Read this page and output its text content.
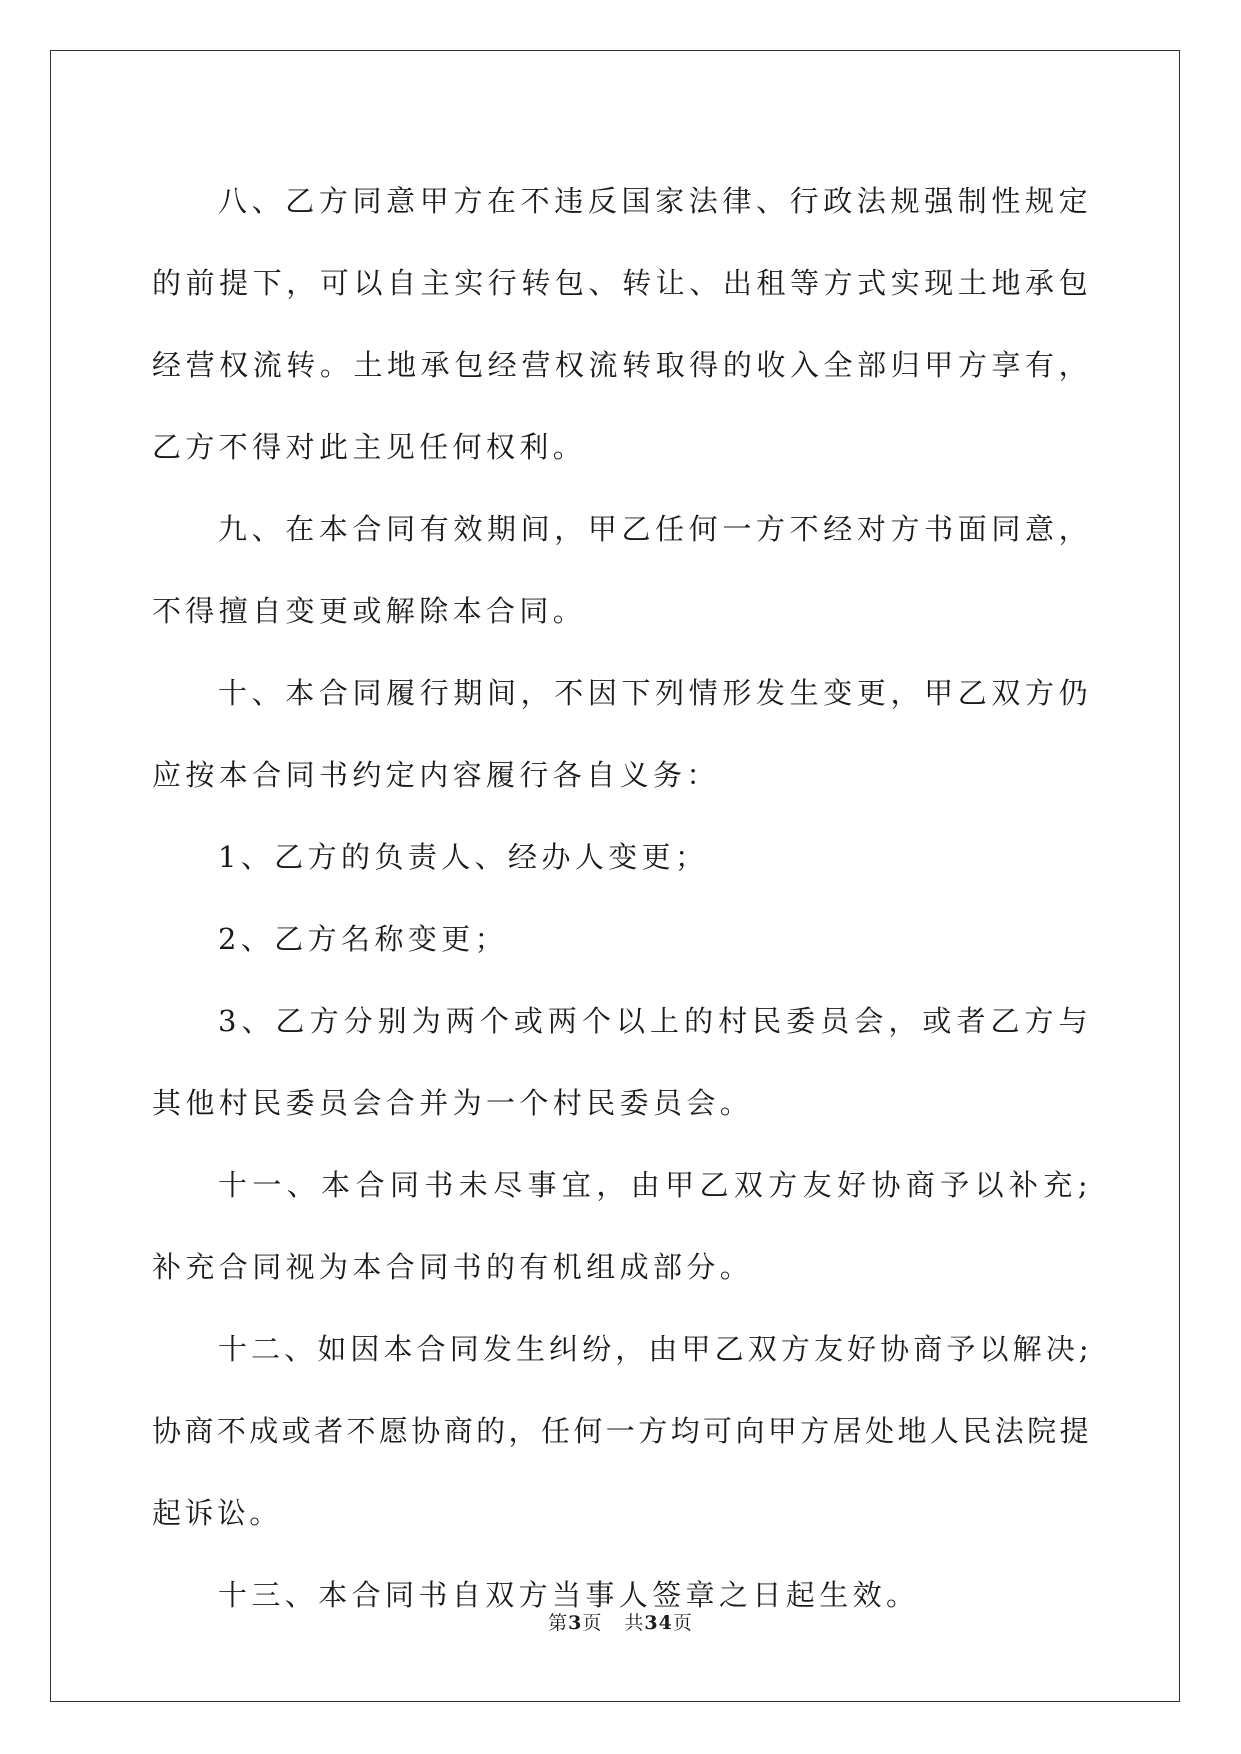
八、乙方同意甲方在不违反国家法律、行政法规强制性规定的前提下，可以自主实行转包、转让、出租等方式实现土地承包经营权流转。土地承包经营权流转取得的收入全部归甲方享有，乙方不得对此主见任何权利。

九、在本合同有效期间，甲乙任何一方不经对方书面同意，不得擅自变更或解除本合同。

十、本合同履行期间，不因下列情形发生变更，甲乙双方仍应按本合同书约定内容履行各自义务：

1、乙方的负责人、经办人变更；

2、乙方名称变更；

3、乙方分别为两个或两个以上的村民委员会，或者乙方与其他村民委员会合并为一个村民委员会。

十一、本合同书未尽事宜，由甲乙双方友好协商予以补充;补充合同视为本合同书的有机组成部分。

十二、如因本合同发生纠纷，由甲乙双方友好协商予以解决;协商不成或者不愿协商的，任何一方均可向甲方居处地人民法院提起诉讼。

十三、本合同书自双方当事人签章之日起生效。

第3页 共34页
